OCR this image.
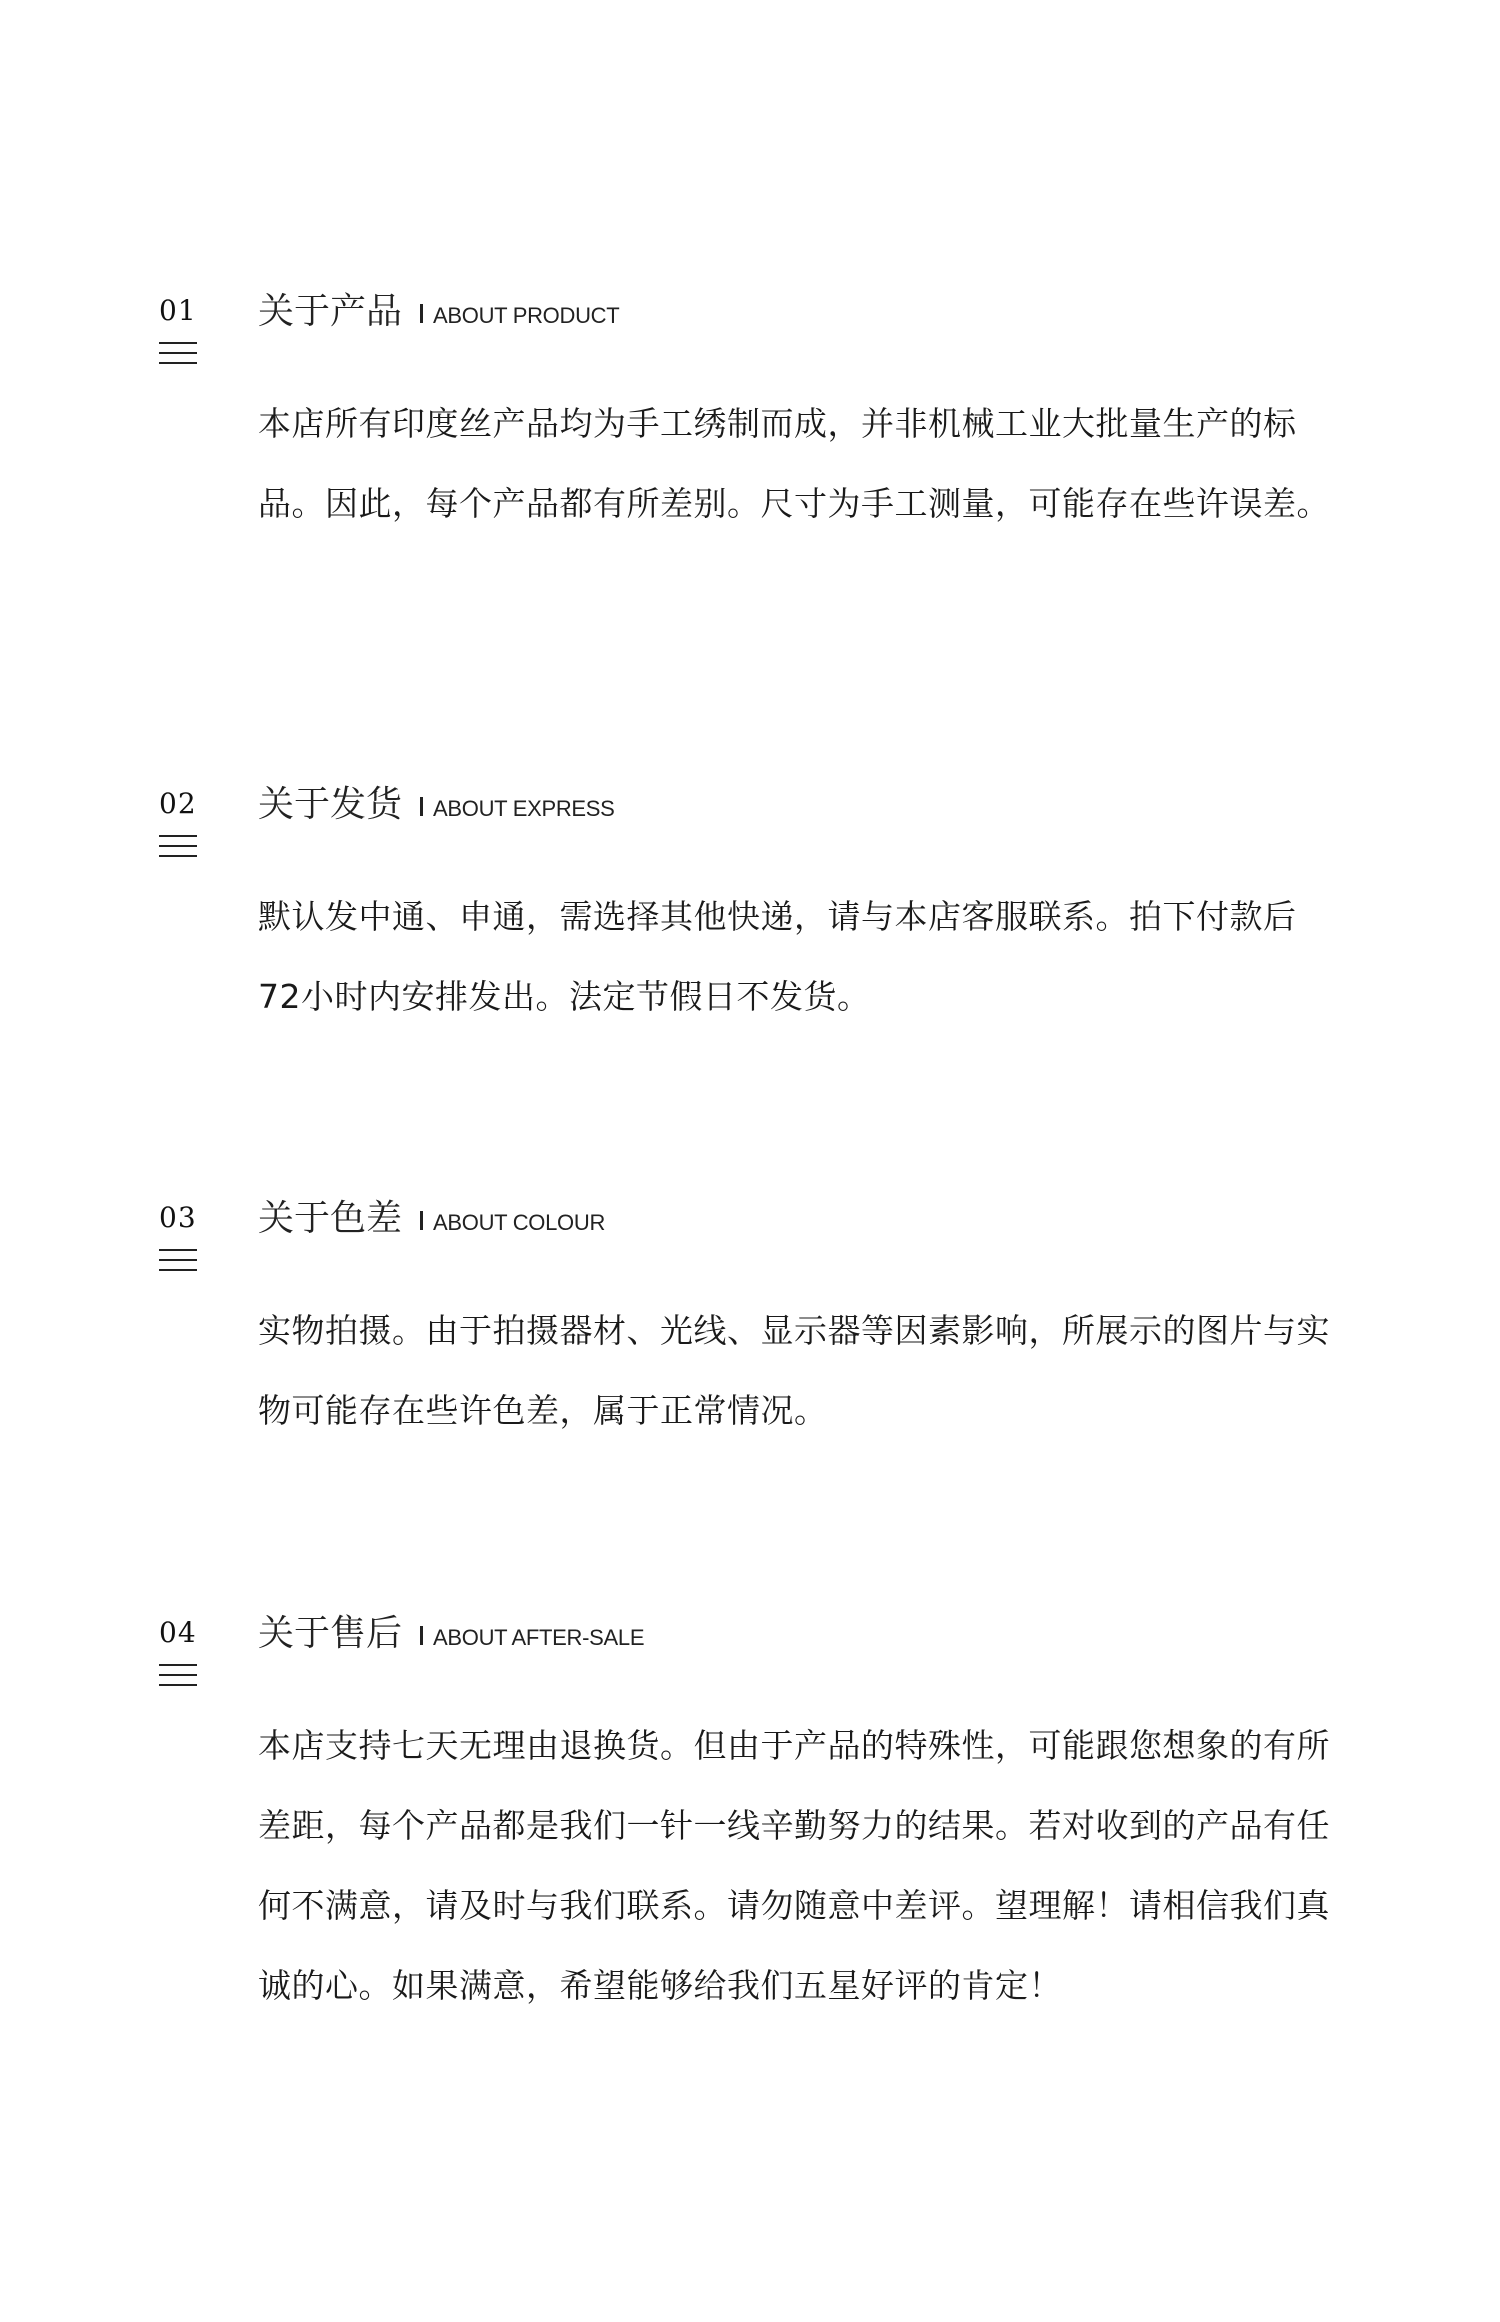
01 关于产品 ABOUT PRODUCT
本店所有印度丝产品均为手工绣制而成，并非机械工业大批量生产的标品。因此，每个产品都有所差别。尺寸为手工测量，可能存在些许误差。
02 关于发货 ABOUT EXPRESS
默认发中通、申通，需选择其他快递，请与本店客服联系。拍下付款后72小时内安排发出。法定节假日不发货。
03 关于色差 ABOUT COLOUR
实物拍摄。由于拍摄器材、光线、显示器等因素影响，所展示的图片与实物可能存在些许色差，属于正常情况。
04 关于售后 ABOUT AFTER-SALE
本店支持七天无理由退换货。但由于产品的特殊性，可能跟您想象的有所差距，每个产品都是我们一针一线辛勤努力的结果。若对收到的产品有任何不满意，请及时与我们联系。请勿随意中差评。望理解！请相信我们真诚的心。如果满意，希望能够给我们五星好评的肯定！
